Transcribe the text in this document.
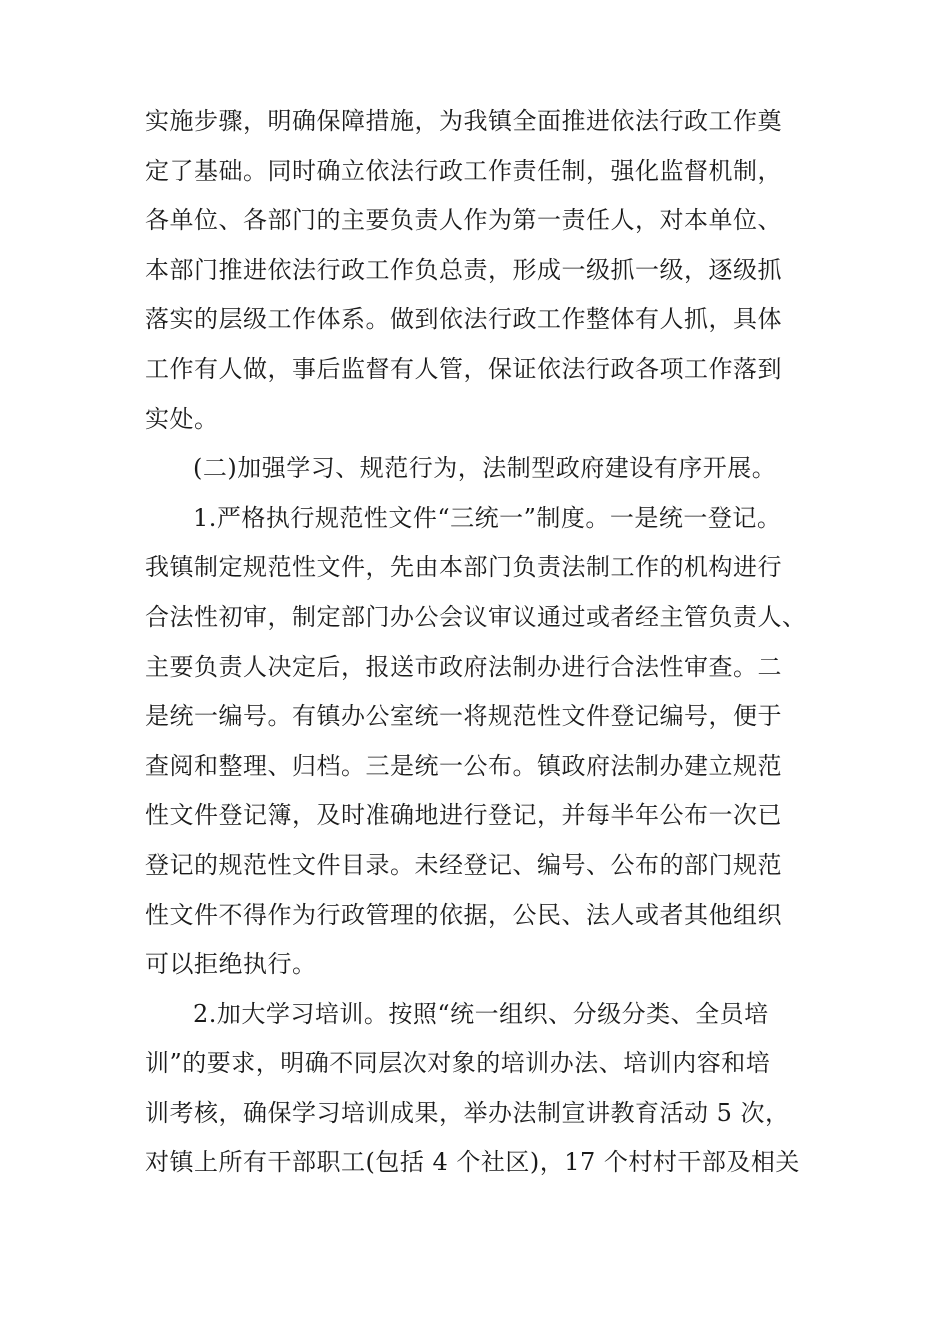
实施步骤，明确保障措施，为我镇全面推进依法行政工作奠
定了基础。同时确立依法行政工作责任制，强化监督机制，
各单位、各部门的主要负责人作为第一责任人，对本单位、
本部门推进依法行政工作负总责，形成一级抓一级，逐级抓
落实的层级工作体系。做到依法行政工作整体有人抓，具体
工作有人做，事后监督有人管，保证依法行政各项工作落到
实处。
(二)加强学习、规范行为，法制型政府建设有序开展。
1.严格执行规范性文件“三统一”制度。一是统一登记。
我镇制定规范性文件，先由本部门负责法制工作的机构进行
合法性初审，制定部门办公会议审议通过或者经主管负责人、
主要负责人决定后，报送市政府法制办进行合法性审查。二
是统一编号。有镇办公室统一将规范性文件登记编号，便于
查阅和整理、归档。三是统一公布。镇政府法制办建立规范
性文件登记簿，及时准确地进行登记，并每半年公布一次已
登记的规范性文件目录。未经登记、编号、公布的部门规范
性文件不得作为行政管理的依据，公民、法人或者其他组织
可以拒绝执行。
2.加大学习培训。按照“统一组织、分级分类、全员培
训”的要求，明确不同层次对象的培训办法、培训内容和培
训考核，确保学习培训成果，举办法制宣讲教育活动 5 次，
对镇上所有干部职工(包括 4 个社区)，17 个村村干部及相关
